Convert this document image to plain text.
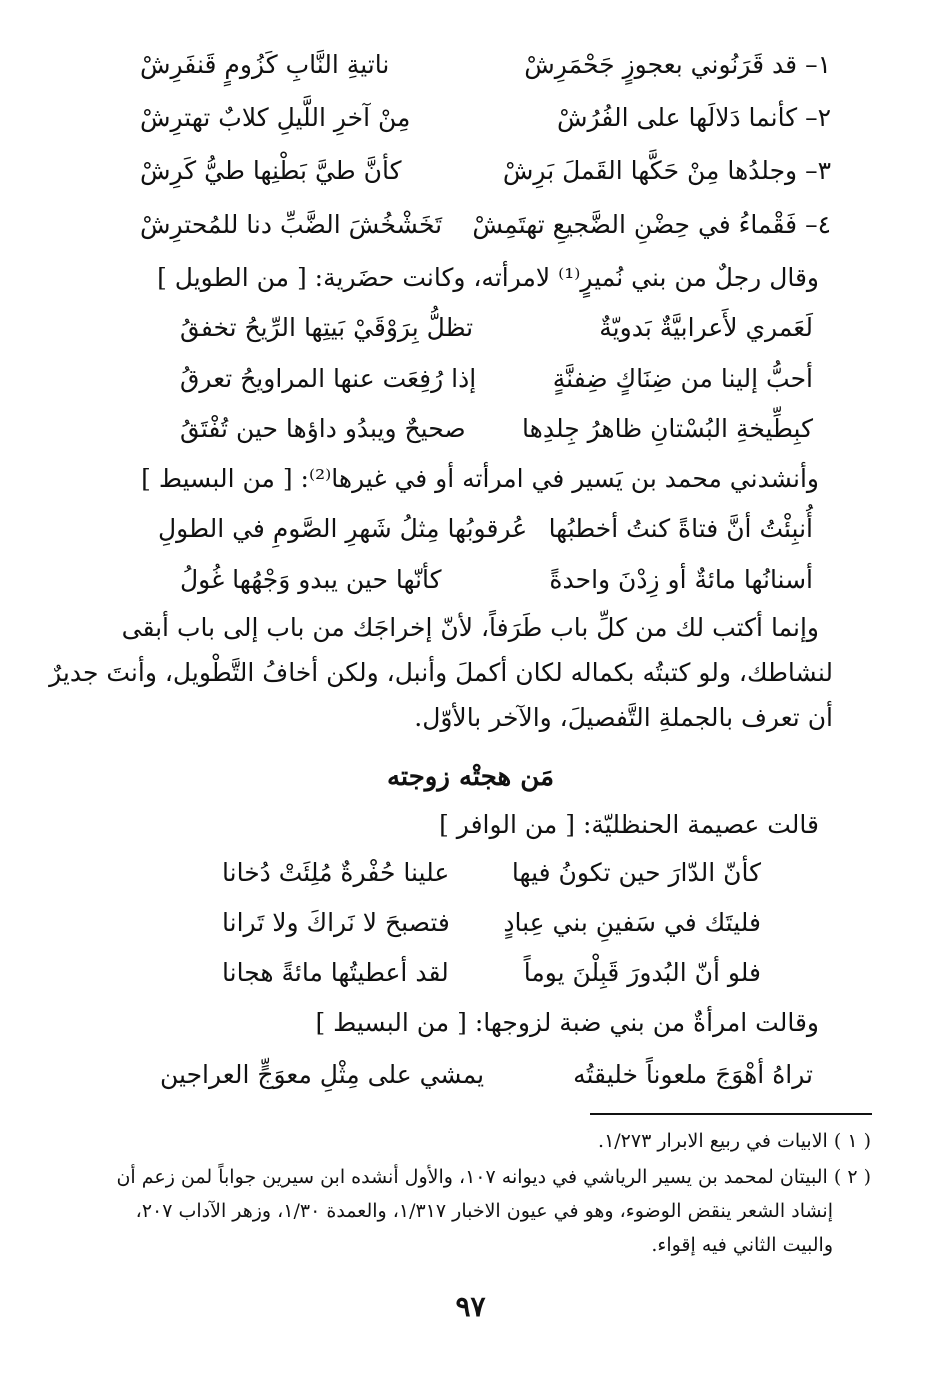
١– قد قَرَنُوني بعجوزٍ جَحْمَرِشْ
ناتيةِ النَّابِ كَزُومٍ قَنفَرِشْ
٢– كأنما دَلالَها على الفُرُشْ
مِنْ آخرِ اللَّيلِ كلابٌ تهترِشْ
٣– وجلدُها مِنْ حَكَّها القَملَ بَرِشْ
كأنَّ طيَّ بَطْنِها طيُّ كَرِشْ
٤– فَقْماءُ في حِضْنِ الضَّجيعِ تهتَمِشْ
تَخَشْخُشَ الضَّبِّ دنا للمُحترِشْ
وقال رجلٌ من بني نُميرٍ⁽¹⁾ لامرأته، وكانت حضَرية: [ من الطويل ]
لَعَمري لأَعرابيَّةٌ بَدويّةٌ
تظلُّ بِرَوْقَيْ بَيتِها الرِّيحُ تخفقُ
أحبُّ إلينا من ضِنَاكٍ ضِفنَّةٍ
إذا رُفِعَت عنها المراويحُ تعرقُ
كبِطِّيخةِ البُسْتانِ ظاهرُ جِلدِها
صحيحٌ ويبدُو داؤها حين تُفْتَقُ
وأنشدني محمد بن يَسير في امرأته أو في غيرها⁽²⁾: [ من البسيط ]
أُنبِئْتُ أنَّ فتاةً كنتُ أخطبُها
عُرقوبُها مِثلُ شَهرِ الصَّومِ في الطولِ
أسنانُها مائةٌ أو زِدْنَ واحدةً
كأنّها حين يبدو وَجْهُها غُولُ
وإنما أكتب لك من كلِّ باب طَرَفاً، لأنّ إخراجَك من باب إلى باب أبقى
لنشاطك، ولو كتبتُه بكماله لكان أكملَ وأنبل، ولكن أخافُ التَّطْويل، وأنتَ جديرٌ
أن تعرف بالجملةِ التَّفصيلَ، والآخر بالأوّل.
مَن هجتْه زوجته
قالت عصيمة الحنظليّة: [ من الوافر ]
كأنّ الدّارَ حين تكونُ فيها
علينا حُفْرةٌ مُلِئَتْ دُخانا
فليتَك في سَفينِ بني عِبادٍ
فتصبحَ لا نَراكَ ولا تَرانا
فلو أنّ البُدورَ قَبِلْنَ يوماً
لقد أعطيتُها مائةً هجانا
وقالت امرأةٌ من بني ضبة لزوجها: [ من البسيط ]
تراهُ أهْوَجَ ملعوناً خليقتُه
يمشي على مِثْلِ معوَجٍّ العراجين
( ١ ) الابيات في ربيع الابرار ١/٢٧٣.
( ٢ ) البيتان لمحمد بن يسير الرياشي في ديوانه ١٠٧، والأول أنشده ابن سيرين جواباً لمن زعم أن
إنشاد الشعر ينقض الوضوء، وهو في عيون الاخبار ١/٣١٧، والعمدة ١/٣٠، وزهر الآداب ٢٠٧،
والبيت الثاني فيه إقواء.
٩٧
